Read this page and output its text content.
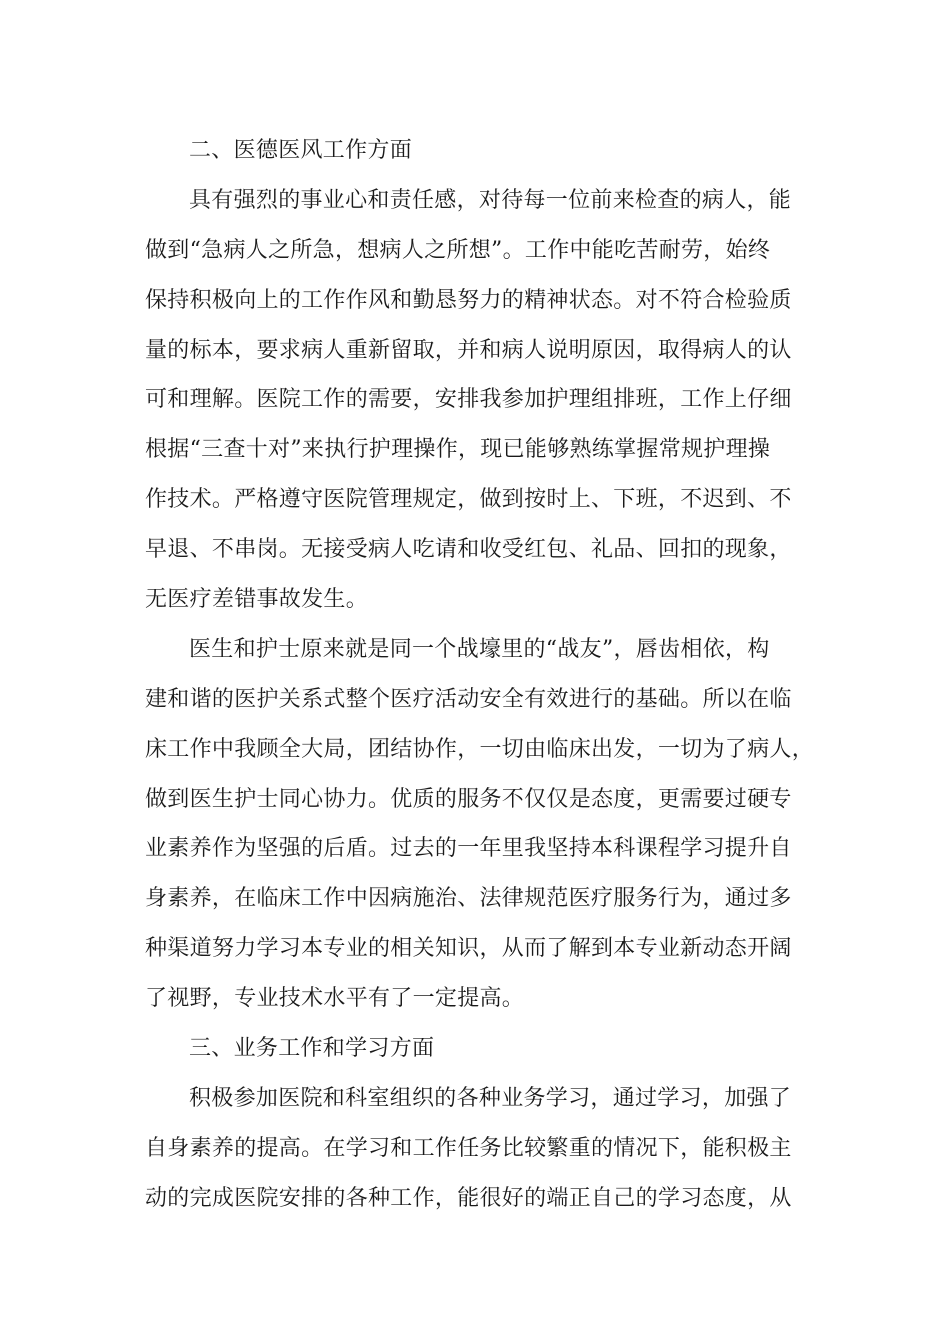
二、医德医风工作方面
具有强烈的事业心和责任感，对待每一位前来检查的病人，能
做到“急病人之所急，想病人之所想”。工作中能吃苦耐劳，始终
保持积极向上的工作作风和勤恳努力的精神状态。对不符合检验质
量的标本，要求病人重新留取，并和病人说明原因，取得病人的认
可和理解。医院工作的需要，安排我参加护理组排班，工作上仔细
根据“三查十对”来执行护理操作，现已能够熟练掌握常规护理操
作技术。严格遵守医院管理规定，做到按时上、下班，不迟到、不
早退、不串岗。无接受病人吃请和收受红包、礼品、回扣的现象，
无医疗差错事故发生。
医生和护士原来就是同一个战壕里的“战友”，唇齿相依，构
建和谐的医护关系式整个医疗活动安全有效进行的基础。所以在临
床工作中我顾全大局，团结协作，一切由临床出发，一切为了病人，
做到医生护士同心协力。优质的服务不仅仅是态度，更需要过硬专
业素养作为坚强的后盾。过去的一年里我坚持本科课程学习提升自
身素养，在临床工作中因病施治、法律规范医疗服务行为，通过多
种渠道努力学习本专业的相关知识，从而了解到本专业新动态开阔
了视野，专业技术水平有了一定提高。
三、业务工作和学习方面
积极参加医院和科室组织的各种业务学习，通过学习，加强了
自身素养的提高。在学习和工作任务比较繁重的情况下，能积极主
动的完成医院安排的各种工作，能很好的端正自己的学习态度，从
